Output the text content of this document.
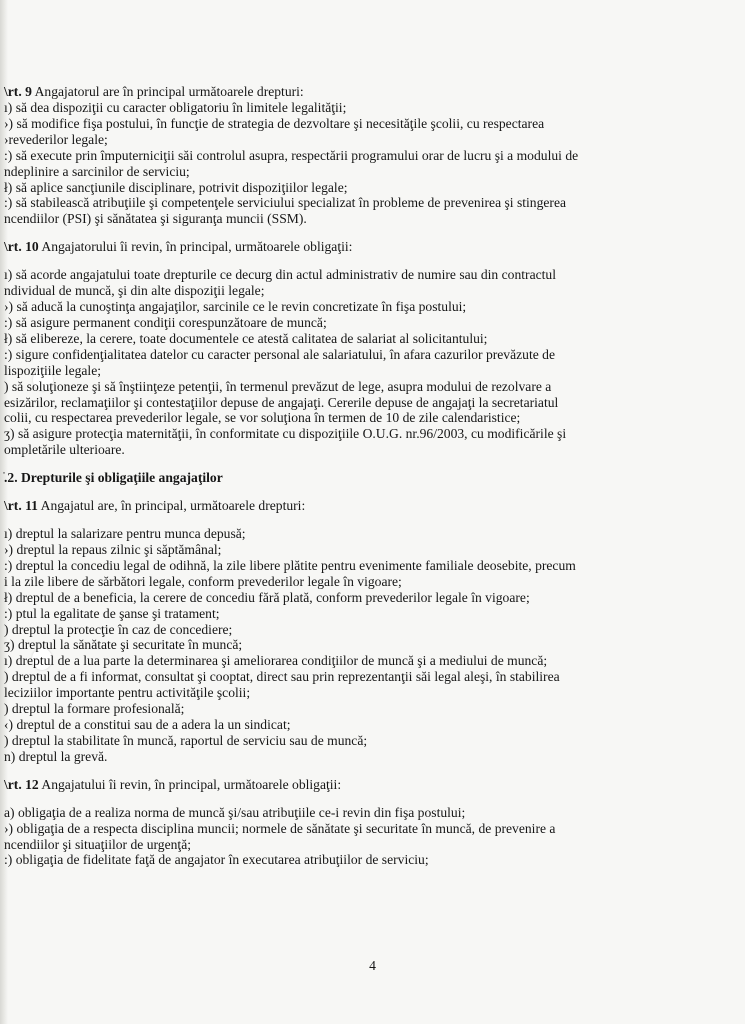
\rt. 9 Angajatorul are în principal următoarele drepturi:

ı) să dea dispoziţii cu caracter obligatoriu în limitele legalităţii;

›) să modifice fişa postului, în funcţie de strategia de dezvoltare şi necesităţile şcolii, cu respectarea

›revederilor legale;

:) să execute prin împuterniciţii săi controlul asupra, respectării programului orar de lucru şi a modului de

ndeplinire a sarcinilor de serviciu;

ł) să aplice sancţiunile disciplinare, potrivit dispoziţiilor legale;

:) să stabilească atribuţiile şi competenţele serviciului specializat în probleme de prevenirea şi stingerea

ncendiilor (PSI) şi sănătatea şi siguranţa muncii (SSM).

\rt. 10 Angajatorului îi revin, în principal, următoarele obligaţii:

ı) să acorde angajatului toate drepturile ce decurg din actul administrativ de numire sau din contractul

ndividual de muncă, şi din alte dispoziţii legale;

›) să aducă la cunoştinţa angajaţilor, sarcinile ce le revin concretizate în fişa postului;

:) să asigure permanent condiţii corespunzătoare de muncă;

ł) să elibereze, la cerere, toate documentele ce atestă calitatea de salariat al solicitantului;

:) sigure confidenţialitatea datelor cu caracter personal ale salariatului, în afara cazurilor prevăzute de

lispoziţiile legale;

) să soluţioneze şi să înştiinţeze petenţii, în termenul prevăzut de lege, asupra modului de rezolvare a

esizărilor, reclamaţiilor şi contestaţiilor depuse de angajaţi. Cererile depuse de angajaţi la secretariatul

colii, cu respectarea prevederilor legale, se vor soluţiona în termen de 10 de zile calendaristice;

ʒ) să asigure protecţia maternităţii, în conformitate cu dispoziţiile O.U.G. nr.96/2003, cu modificările şi

ompletările ulterioare.

ׁ.2. Drepturile şi obligaţiile angajaţilor

\rt. 11 Angajatul are, în principal, următoarele drepturi:

ı) dreptul la salarizare pentru munca depusă;

›) dreptul la repaus zilnic şi săptămânal;

:) dreptul la concediu legal de odihnă, la zile libere plătite pentru evenimente familiale deosebite, precum

i la zile libere de sărbători legale, conform prevederilor legale în vigoare;

ł) dreptul de a beneficia, la cerere de concediu fără plată, conform prevederilor legale în vigoare;

:) ptul la egalitate de şanse şi tratament;

) dreptul la protecţie în caz de concediere;

ʒ) dreptul la sănătate şi securitate în muncă;

ı) dreptul de a lua parte la determinarea şi ameliorarea condiţiilor de muncă şi a mediului de muncă;

) dreptul de a fi informat, consultat şi cooptat, direct sau prin reprezentanţii săi legal aleşi, în stabilirea

leciziilor importante pentru activităţile şcolii;

) dreptul la formare profesională;

‹) dreptul de a constitui sau de a adera la un sindicat;

) dreptul la stabilitate în muncă, raportul de serviciu sau de muncă;

n) dreptul la grevă.

\rt. 12 Angajatului îi revin, în principal, următoarele obligaţii:

a) obligaţia de a realiza norma de muncă şi/sau atribuţiile ce-i revin din fişa postului;

›) obligaţia de a respecta disciplina muncii; normele de sănătate şi securitate în muncă, de prevenire a

ncendiilor şi situaţiilor de urgenţă;

:) obligaţia de fidelitate faţă de angajator în executarea atribuţiilor de serviciu;

4
